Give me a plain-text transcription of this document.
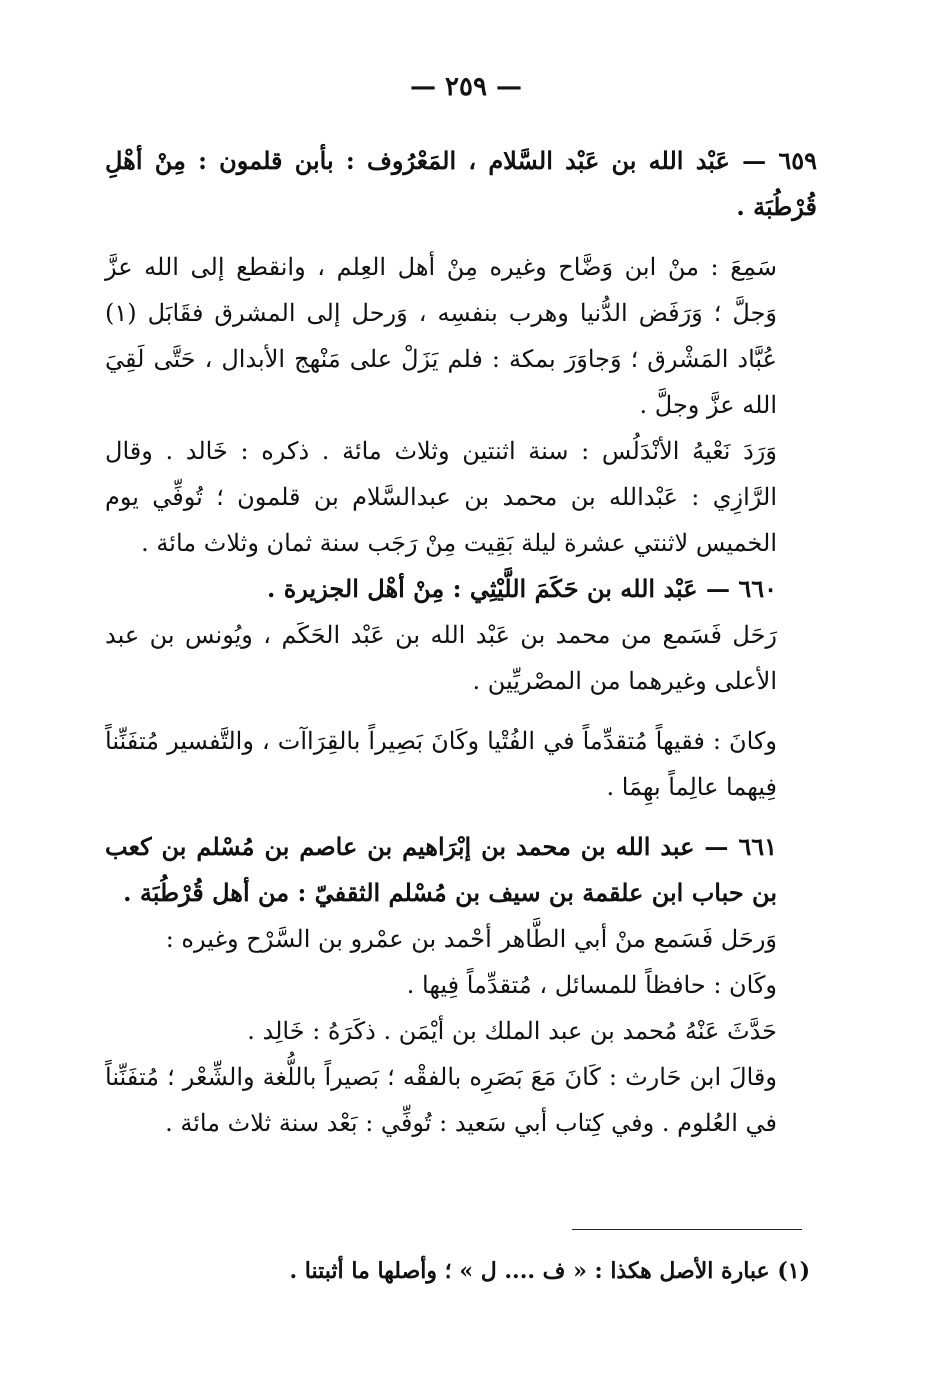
— ٢٥٩ —

٦٥٩ — عَبْد الله بن عَبْد السَّلام ، المَعْرُوف : بأبن قلمون : مِنْ أهْلِ قُرْطُبَة .

سَمِعَ : منْ ابن وَضَّاح وغيره مِنْ أهل العِلم ، وانقطع إلى الله عزَّ وَجلَّ ؛ وَرَفَض الدُّنيا وهرب بنفسِه ، وَرحل إلى المشرق فقَابَل (١) عُبَّاد المَشْرق ؛ وَجاوَرَ بمكة : فلم يَزَلْ على مَنْهج الأبدال ، حَتَّى لَقِيَ الله عزَّ وجلَّ .

وَرَدَ نَعْيهُ الأنْدَلُس : سنة اثنتين وثلاث مائة . ذكره : خَالد . وقال الرَّازِي : عَبْدالله بن محمد بن عبدالسَّلام بن قلمون ؛ تُوفِّي يوم الخميس لاثنتي عشرة ليلة بَقِيت مِنْ رَجَب سنة ثمان وثلاث مائة .

٦٦٠ — عَبْد الله بن حَكَمَ اللَّيْثِي : مِنْ أهْل الجزيرة .

رَحَل فَسَمع من محمد بن عَبْد الله بن عَبْد الحَكَم ، ويُونس بن عبد الأعلى وغيرهما من المصْريِّين .

وكانَ : فقيهاً مُتقدِّماً في الفُتْيا وكَانَ بَصِيراً بالقِرَاآت ، والتَّفسير مُتفَنِّناً فِيهما عالِماً بهِمَا .

٦٦١ — عبد الله بن محمد بن إبْرَاهيم بن عاصم بن مُسْلم بن كعب بن حباب ابن علقمة بن سيف بن مُسْلم الثقفيّ : من أهل قُرْطُبَة .

وَرحَل فَسَمع منْ أبي الطَّاهر أحْمد بن عمْرو بن السَّرْح وغيره :

وكَان : حافظاً للمسائل ، مُتقدِّماً فِيها .

حَدَّثَ عَنْهُ مُحمد بن عبد الملك بن أيْمَن . ذكَرَهُ : خَالِد .

وقالَ ابن حَارث : كَانَ مَعَ بَصَرِه بالفقْه ؛ بَصيراً باللُّغة والشِّعْر ؛ مُتفَنِّناً في العُلوم . وفي كِتاب أبي سَعيد : تُوفِّي : بَعْد سنة ثلاث مائة .

(١) عبارة الأصل هكذا : « ف .... ل » ؛ وأصلها ما أثبتنا .
